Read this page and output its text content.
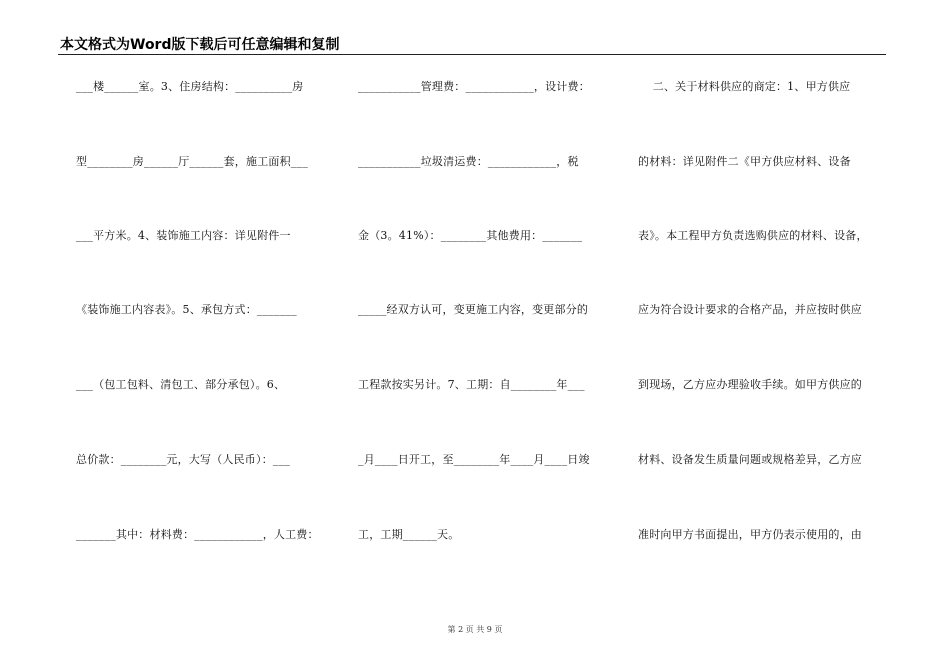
本文格式为Word版下载后可任意编辑和复制
___楼______室。3、住房结构：__________房
型________房______厅______套，施工面积___
___平方米。4、装饰施工内容：详见附件一
《装饰施工内容表》。5、承包方式：_______
___（包工包料、清包工、部分承包）。6、
总价款：________元，大写（人民币）：___
_______其中：材料费：____________，人工费：
___________管理费：____________，设计费：
___________垃圾清运费：____________，税
金（3。41%）：________其他费用：_______
_____经双方认可，变更施工内容，变更部分的
工程款按实另计。7、工期：自________年___
_月____日开工，至________年____月____日竣
工，工期______天。
二、关于材料供应的商定：1、甲方供应
的材料：详见附件二《甲方供应材料、设备
表》。本工程甲方负责选购供应的材料、设备，
应为符合设计要求的合格产品，并应按时供应
到现场，乙方应办理验收手续。如甲方供应的
材料、设备发生质量问题或规格差异，乙方应
准时向甲方书面提出，甲方仍表示使用的，由
第 2 页 共 9 页
